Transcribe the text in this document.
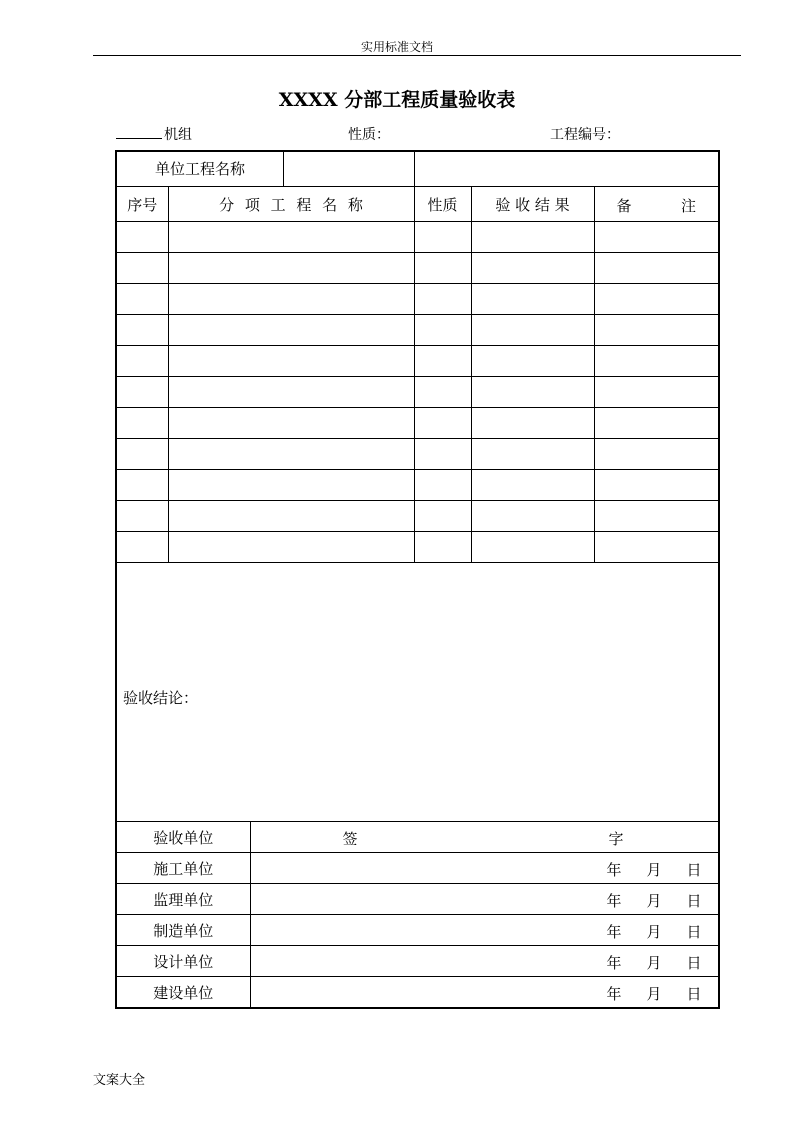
实用标准文档
XXXX 分部工程质量验收表
机组	性质：	工程编号：
单位工程名称					

序号	分 项 工 程 名 称		性质	验 收 结 果	备 注

验收结论：					

验收单位		签 字			

施工单位		年 月 日			

监理单位		年 月 日			

制造单位		年 月 日			

设计单位		年 月 日			

建设单位		年 月 日			
文案大全
